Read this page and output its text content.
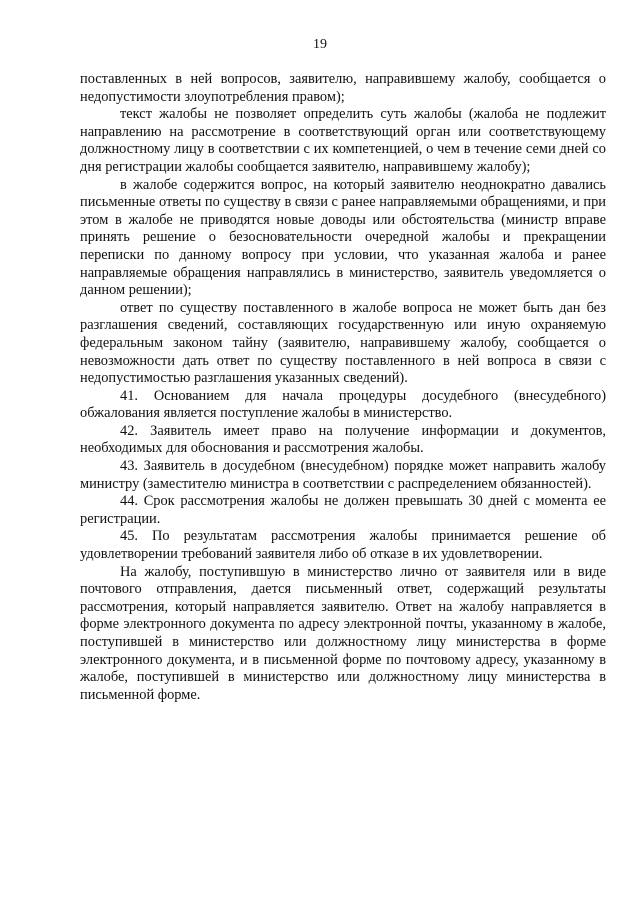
19

поставленных в ней вопросов, заявителю, направившему жалобу, сообщается о недопустимости злоупотребления правом);

текст жалобы не позволяет определить суть жалобы (жалоба не подлежит направлению на рассмотрение в соответствующий орган или соответствующему должностному лицу в соответствии с их компетенцией, о чем в течение семи дней со дня регистрации жалобы сообщается заявителю, направившему жалобу);

в жалобе содержится вопрос, на который заявителю неоднократно давались письменные ответы по существу в связи с ранее направляемыми обращениями, и при этом в жалобе не приводятся новые доводы или обстоятельства (министр вправе принять решение о безосновательности очередной жалобы и прекращении переписки по данному вопросу при условии, что указанная жалоба и ранее направляемые обращения направлялись в министерство, заявитель уведомляется о данном решении);

ответ по существу поставленного в жалобе вопроса не может быть дан без разглашения сведений, составляющих государственную или иную охраняемую федеральным законом тайну (заявителю, направившему жалобу, сообщается о невозможности дать ответ по существу поставленного в ней вопроса в связи с недопустимостью разглашения указанных сведений).

41. Основанием для начала процедуры досудебного (внесудебного) обжалования является поступление жалобы в министерство.

42. Заявитель имеет право на получение информации и документов, необходимых для обоснования и рассмотрения жалобы.

43. Заявитель в досудебном (внесудебном) порядке может направить жалобу министру (заместителю министра в соответствии с распределением обязанностей).

44. Срок рассмотрения жалобы не должен превышать 30 дней с момента ее регистрации.

45. По результатам рассмотрения жалобы принимается решение об удовлетворении требований заявителя либо об отказе в их удовлетворении.

На жалобу, поступившую в министерство лично от заявителя или в виде почтового отправления, дается письменный ответ, содержащий результаты рассмотрения, который направляется заявителю. Ответ на жалобу направляется в форме электронного документа по адресу электронной почты, указанному в жалобе, поступившей в министерство или должностному лицу министерства в форме электронного документа, и в письменной форме по почтовому адресу, указанному в жалобе, поступившей в министерство или должностному лицу министерства в письменной форме.
